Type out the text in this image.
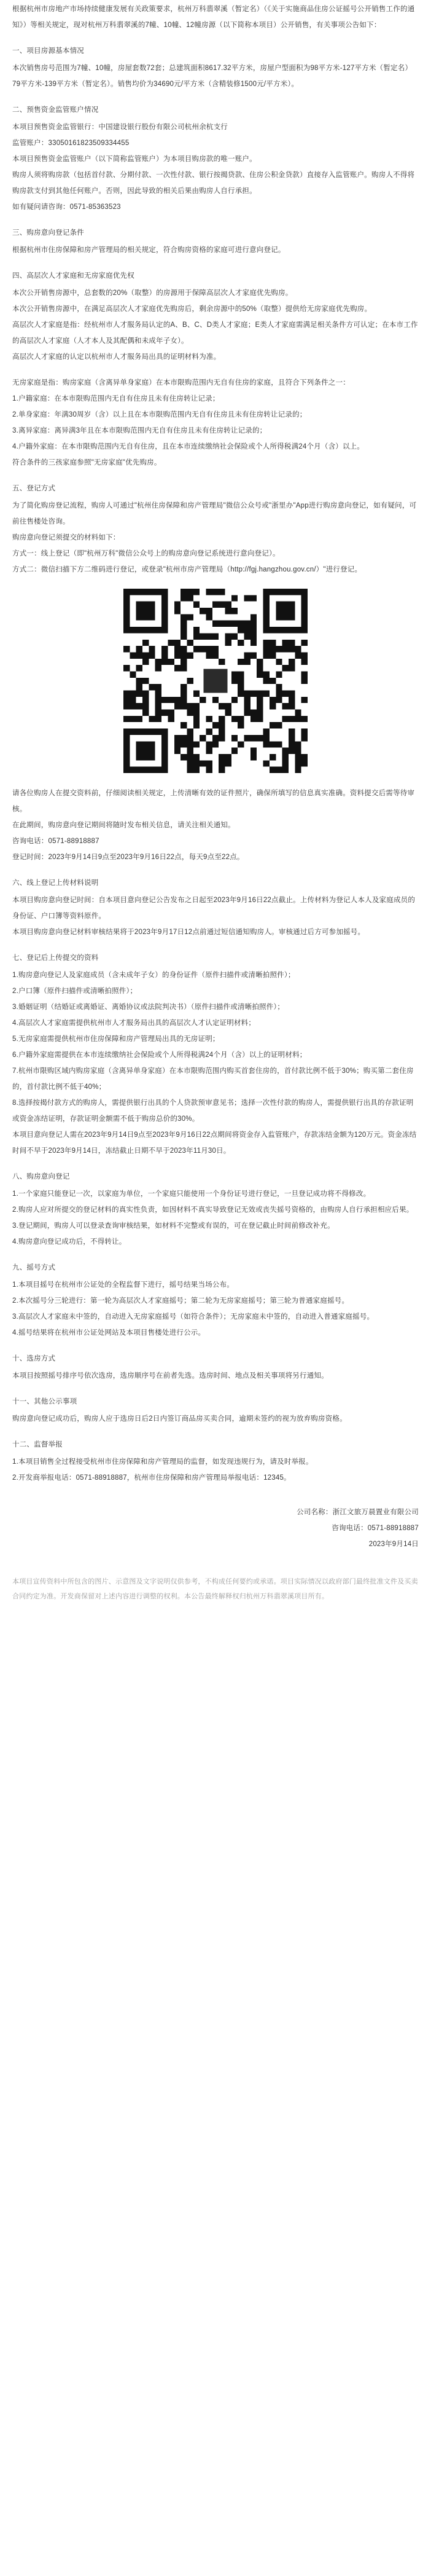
根据杭州市房地产市场持续健康发展有关政策要求，杭州万科翡翠溪（暂定名）（《关于实施商品住房公证摇号公开销售工作的通知》）等相关规定，现对杭州万科翡翠溪的7幢、10幢、12幢房源（以下简称本项目）公开销售，有关事项公告如下：

一、项目房源基本情况

本次销售房号范围为7幢、10幢，房屋套数72套；总建筑面积8617.32平方米，房屋户型面积为98平方米-127平方米（暂定名）79平方米-139平方米（暂定名）。销售均价为34690元/平方米（含精装修1500元/平方米）。

二、预售资金监管账户情况

本项目预售资金监管银行：中国建设银行股份有限公司杭州余杭支行

监管账户：33050161823509334455

本项目预售资金监管账户（以下简称监管账户）为本项目购房款的唯一账户。

购房人须将购房款（包括首付款、分期付款、一次性付款、银行按揭贷款、住房公积金贷款）直接存入监管账户。购房人不得将购房款支付到其他任何账户。否则，因此导致的相关后果由购房人自行承担。

如有疑问请咨询：0571-85363523

三、购房意向登记条件

根据杭州市住房保障和房产管理局的相关规定，符合购房资格的家庭可进行意向登记。

四、高层次人才家庭和无房家庭优先权

本次公开销售房源中，总套数的20%（取整）的房源用于保障高层次人才家庭优先购房。

本次公开销售房源中，在满足高层次人才家庭优先购房后，剩余房源中的50%（取整）提供给无房家庭优先购房。

高层次人才家庭是指：经杭州市人才服务局认定的A、B、C、D类人才家庭；E类人才家庭需满足相关条件方可认定；在本市工作的高层次人才家庭（人才本人及其配偶和未成年子女）。

高层次人才家庭的认定以杭州市人才服务局出具的证明材料为准。

无房家庭是指：购房家庭（含离异单身家庭）在本市限购范围内无自有住房的家庭，且符合下列条件之一：

1.户籍家庭：在本市限购范围内无自有住房且未有住房转让记录；

2.单身家庭：年满30周岁（含）以上且在本市限购范围内无自有住房且未有住房转让记录的；

3.离异家庭：离异满3年且在本市限购范围内无自有住房且未有住房转让记录的；

4.户籍外家庭：在本市限购范围内无自有住房，且在本市连续缴纳社会保险或个人所得税满24个月（含）以上。

符合条件的三孩家庭参照"无房家庭"优先购房。

五、登记方式

为了简化购房登记流程，购房人可通过"杭州住房保障和房产管理局"微信公众号或"浙里办"App进行购房意向登记，如有疑问，可前往售楼处咨询。

购房意向登记须提交的材料如下：

方式一：线上登记（即"杭州万科"微信公众号上的购房意向登记系统进行意向登记）。

方式二：微信扫描下方二维码进行登记，或登录"杭州市房产管理局（http://fgj.hangzhou.gov.cn/）"进行登记。

请各位购房人在提交资料前，仔细阅读相关规定，上传清晰有效的证件照片，确保所填写的信息真实准确。资料提交后需等待审核。

在此期间，购房意向登记期间将随时发布相关信息，请关注相关通知。

咨询电话：0571-88918887

登记时间：2023年9月14日9点至2023年9月16日22点，每天9点至22点。

六、线上登记上传材料说明

本项目购房意向登记时间：自本项目意向登记公告发布之日起至2023年9月16日22点截止。上传材料为登记人本人及家庭成员的身份证、户口簿等资料原件。

本项目购房意向登记材料审核结果将于2023年9月17日12点前通过短信通知购房人。审核通过后方可参加摇号。

七、登记后上传提交的资料

1.购房意向登记人及家庭成员（含未成年子女）的身份证件（原件扫描件或清晰拍照件）；

2.户口簿（原件扫描件或清晰拍照件）；

3.婚姻证明（结婚证或离婚证、离婚协议或法院判决书）（原件扫描件或清晰拍照件）；

4.高层次人才家庭需提供杭州市人才服务局出具的高层次人才认定证明材料；

5.无房家庭需提供杭州市住房保障和房产管理局出具的无房证明；

6.户籍外家庭需提供在本市连续缴纳社会保险或个人所得税满24个月（含）以上的证明材料；

7.杭州市限购区域内购房家庭（含离异单身家庭）在本市限购范围内购买首套住房的，首付款比例不低于30%；购买第二套住房的，首付款比例不低于40%；

8.选择按揭付款方式的购房人，需提供银行出具的个人贷款预审意见书；选择一次性付款的购房人，需提供银行出具的存款证明或资金冻结证明，存款证明金额需不低于购房总价的30%。

本项目意向登记人需在2023年9月14日9点至2023年9月16日22点期间将资金存入监管账户，存款冻结金额为120万元。资金冻结时间不早于2023年9月14日，冻结截止日期不早于2023年11月30日。

八、购房意向登记

1.一个家庭只能登记一次，以家庭为单位，一个家庭只能使用一个身份证号进行登记，一旦登记成功将不得修改。

2.购房人应对所提交的登记材料的真实性负责，如因材料不真实导致登记无效或丧失摇号资格的，由购房人自行承担相应后果。

3.登记期间，购房人可以登录查询审核结果，如材料不完整或有误的，可在登记截止时间前修改补充。

4.购房意向登记成功后，不得转让。

九、摇号方式

1.本项目摇号在杭州市公证处的全程监督下进行，摇号结果当场公布。

2.本次摇号分三轮进行：第一轮为高层次人才家庭摇号；第二轮为无房家庭摇号；第三轮为普通家庭摇号。

3.高层次人才家庭未中签的，自动进入无房家庭摇号（如符合条件）；无房家庭未中签的，自动进入普通家庭摇号。

4.摇号结果将在杭州市公证处网站及本项目售楼处进行公示。

十、选房方式

本项目按照摇号排序号依次选房，选房顺序号在前者先选。选房时间、地点及相关事项将另行通知。

十一、其他公示事项

购房意向登记成功后，购房人应于选房日后2日内签订商品房买卖合同，逾期未签约的视为放弃购房资格。

十二、监督举报

1.本项目销售全过程接受杭州市住房保障和房产管理局的监督，如发现违规行为，请及时举报。

2.开发商举报电话：0571-88918887，杭州市住房保障和房产管理局举报电话：12345。

公司名称：浙江文旅万晨置业有限公司

咨询电话：0571-88918887

2023年9月14日

本项目宣传资料中所包含的图片、示意图及文字说明仅供参考，不构成任何要约或承诺。项目实际情况以政府部门最终批准文件及买卖合同约定为准。开发商保留对上述内容进行调整的权利。本公告最终解释权归杭州万科翡翠溪项目所有。
